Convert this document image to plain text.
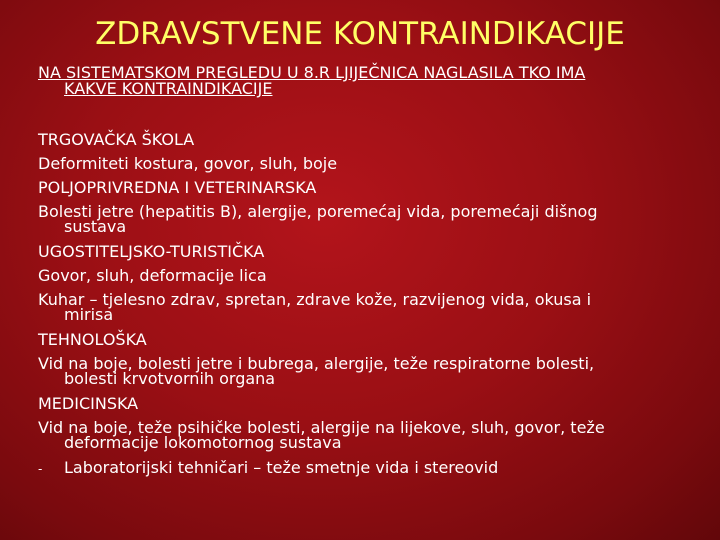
ZDRAVSTVENE KONTRAINDIKACIJE
NA SISTEMATSKOM PREGLEDU U 8.R LJIJEČNICA NAGLASILA TKO IMA
KAKVE KONTRAINDIKACIJE
TRGOVAČKA ŠKOLA
Deformiteti kostura, govor, sluh, boje
POLJOPRIVREDNA I VETERINARSKA
Bolesti jetre (hepatitis B), alergije, poremećaj vida, poremećaji dišnog
sustava
UGOSTITELJSKO-TURISTIČKA
Govor, sluh, deformacije lica
Kuhar – tjelesno zdrav, spretan, zdrave kože, razvijenog vida, okusa i
mirisa
TEHNOLOŠKA
Vid na boje, bolesti jetre i bubrega, alergije, teže respiratorne bolesti,
bolesti krvotvornih organa
MEDICINSKA
Vid na boje, teže psihičke bolesti, alergije na lijekove, sluh, govor, teže
deformacije lokomotornog sustava
- Laboratorijski tehničari – teže smetnje vida i stereovid
